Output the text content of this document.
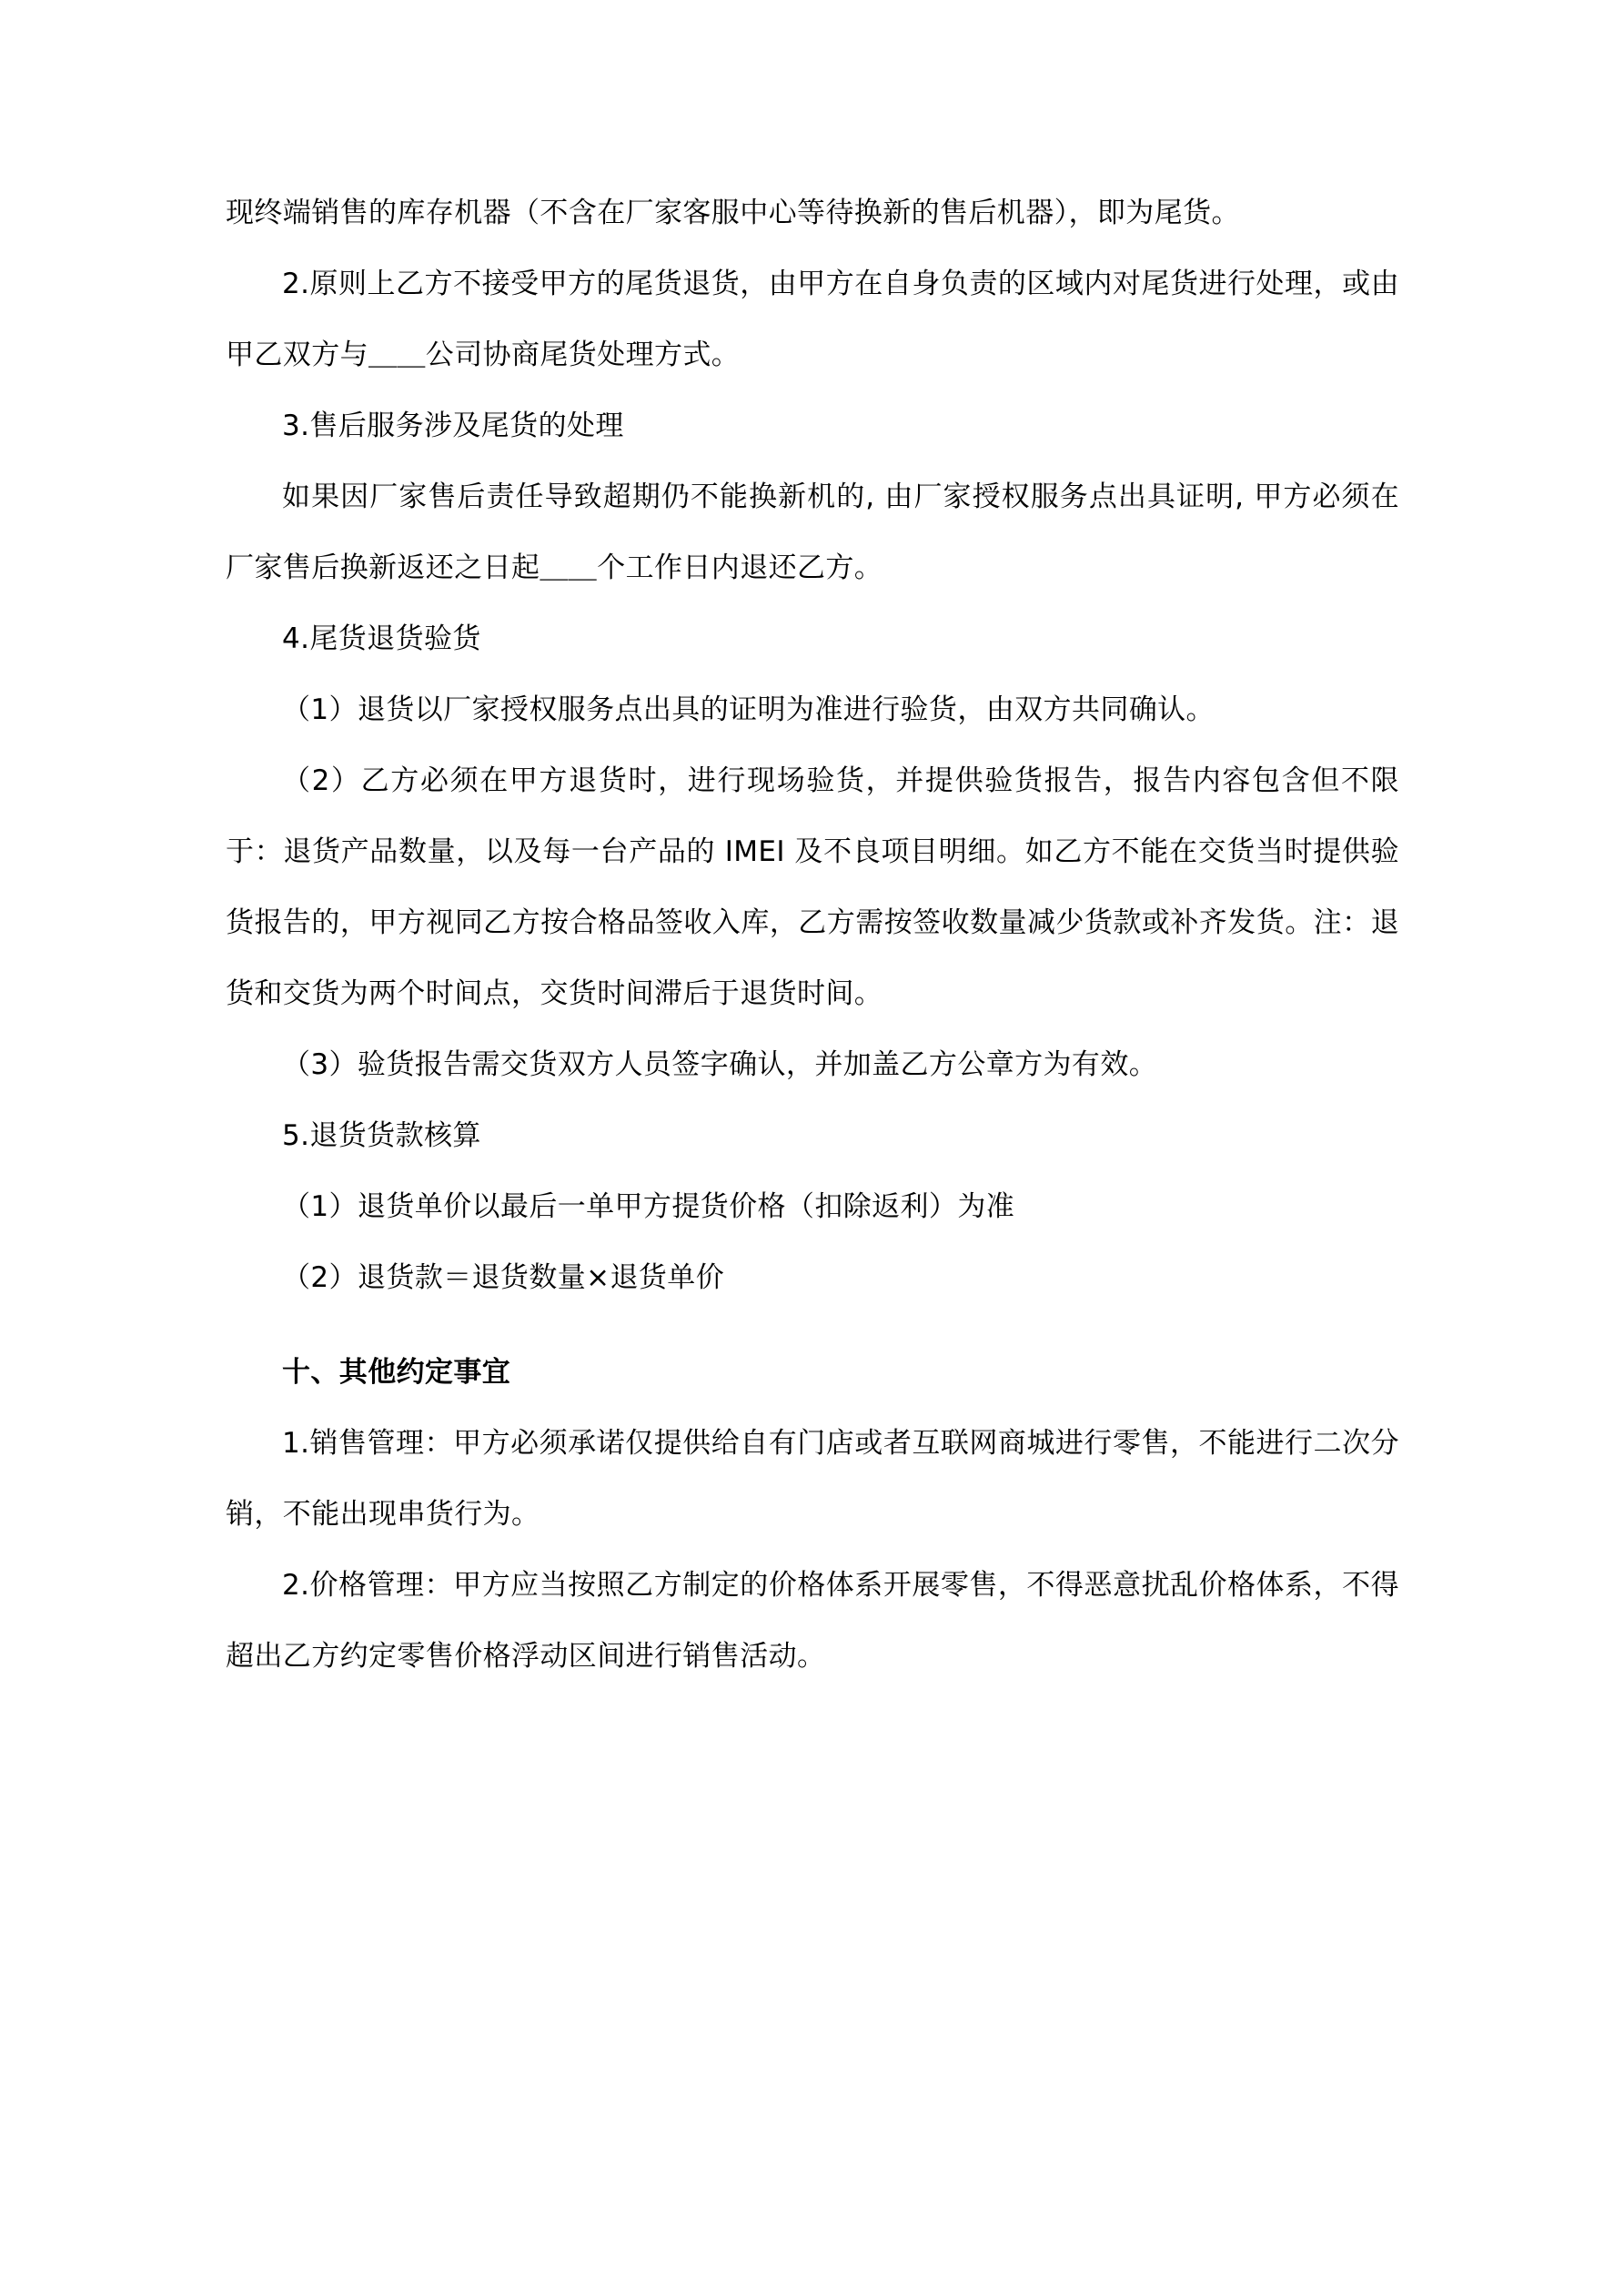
现终端销售的库存机器（不含在厂家客服中心等待换新的售后机器），即为尾货。

2.原则上乙方不接受甲方的尾货退货，由甲方在自身负责的区域内对尾货进行处理，或由甲乙双方与＿＿公司协商尾货处理方式。

3.售后服务涉及尾货的处理

如果因厂家售后责任导致超期仍不能换新机的, 由厂家授权服务点出具证明, 甲方必须在厂家售后换新返还之日起＿＿个工作日内退还乙方。

4.尾货退货验货

（1）退货以厂家授权服务点出具的证明为准进行验货，由双方共同确认。

（2）乙方必须在甲方退货时，进行现场验货，并提供验货报告，报告内容包含但不限于：退货产品数量，以及每一台产品的 IMEI 及不良项目明细。如乙方不能在交货当时提供验货报告的，甲方视同乙方按合格品签收入库，乙方需按签收数量减少货款或补齐发货。注：退货和交货为两个时间点，交货时间滞后于退货时间。

（3）验货报告需交货双方人员签字确认，并加盖乙方公章方为有效。

5.退货货款核算

（1）退货单价以最后一单甲方提货价格（扣除返利）为准

（2）退货款＝退货数量×退货单价

十、其他约定事宜

1.销售管理：甲方必须承诺仅提供给自有门店或者互联网商城进行零售，不能进行二次分销，不能出现串货行为。

2.价格管理：甲方应当按照乙方制定的价格体系开展零售，不得恶意扰乱价格体系，不得超出乙方约定零售价格浮动区间进行销售活动。
